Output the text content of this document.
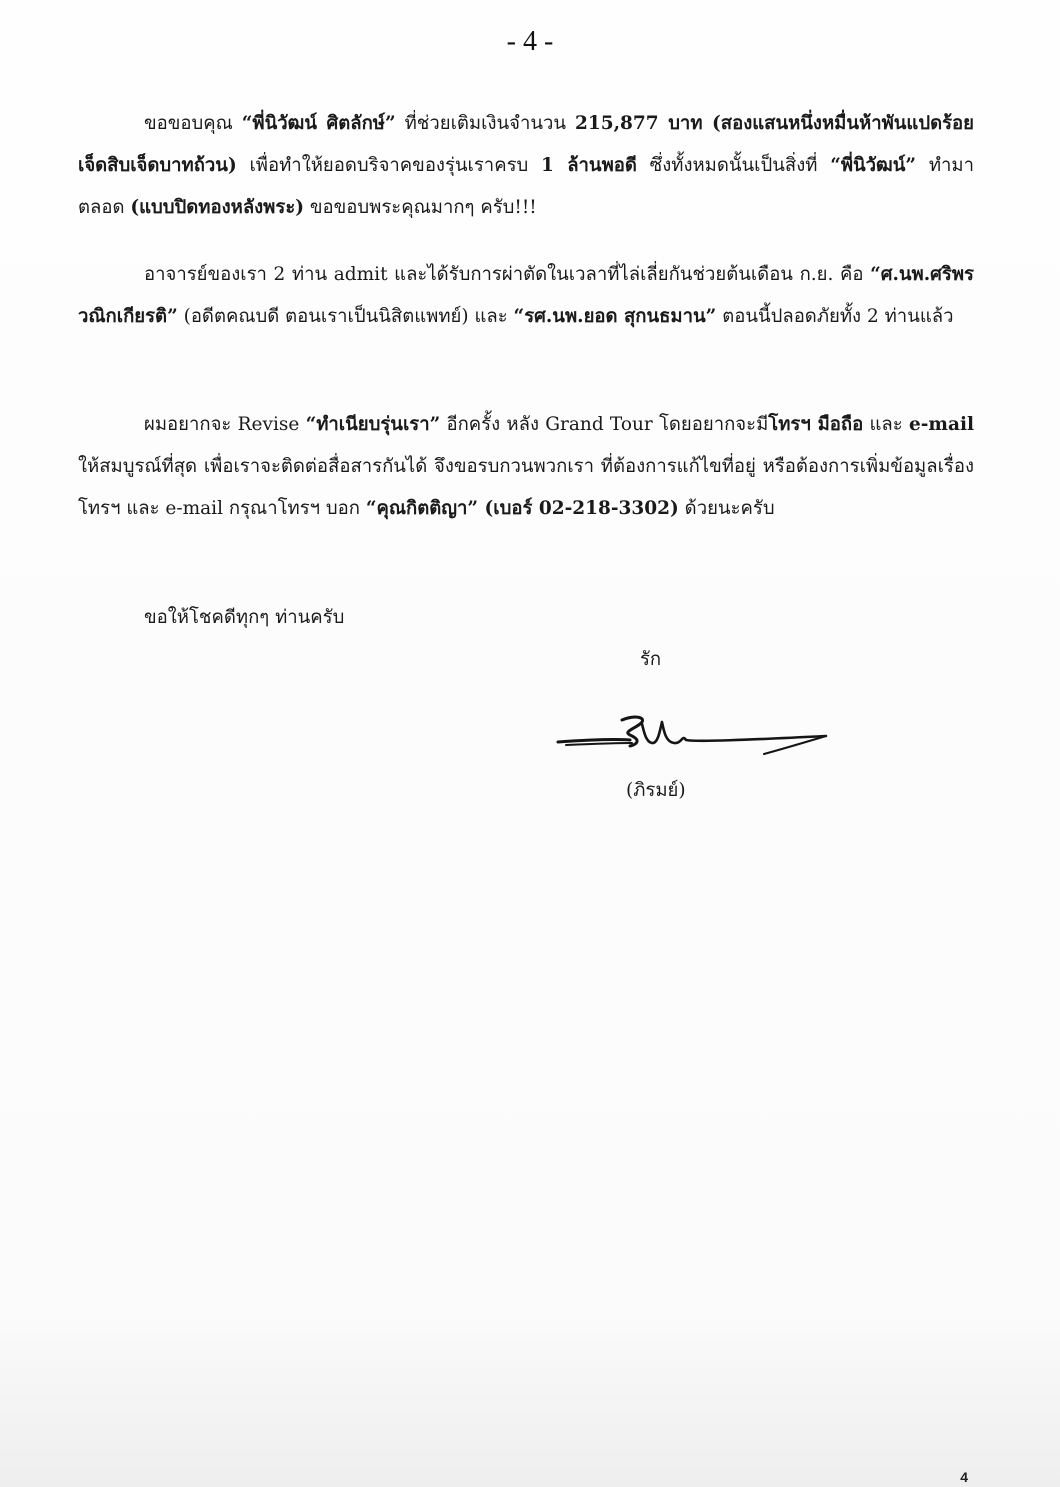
- 4 -

ขอขอบคุณ “พี่นิวัฒน์ ศิตลักษ์” ที่ช่วยเติมเงินจำนวน 215,877 บาท (สองแสนหนึ่งหมื่นห้าพันแปดร้อยเจ็ดสิบเจ็ดบาทถ้วน) เพื่อทำให้ยอดบริจาคของรุ่นเราครบ 1 ล้านพอดี ซึ่งทั้งหมดนั้นเป็นสิ่งที่ “พี่นิวัฒน์” ทำมาตลอด (แบบปิดทองหลังพระ) ขอขอบพระคุณมากๆ ครับ!!!

อาจารย์ของเรา 2 ท่าน admit และได้รับการผ่าตัดในเวลาที่ไล่เลี่ยกันช่วยต้นเดือน ก.ย. คือ “ศ.นพ.ศริพร วณิกเกียรติ” (อดีตคณบดี ตอนเราเป็นนิสิตแพทย์) และ “รศ.นพ.ยอด สุกนธมาน” ตอนนี้ปลอดภัยทั้ง 2 ท่านแล้ว

ผมอยากจะ Revise “ทำเนียบรุ่นเรา” อีกครั้ง หลัง Grand Tour โดยอยากจะมีโทรฯ มือถือ และ e-mail ให้สมบูรณ์ที่สุด เพื่อเราจะติดต่อสื่อสารกันได้ จึงขอรบกวนพวกเรา ที่ต้องการแก้ไขที่อยู่ หรือต้องการเพิ่มข้อมูลเรื่องโทรฯ และ e-mail กรุณาโทรฯ บอก “คุณกิตติญา” (เบอร์ 02-218-3302) ด้วยนะครับ

ขอให้โชคดีทุกๆ ท่านครับ

รัก
(ภิรมย์)
4
